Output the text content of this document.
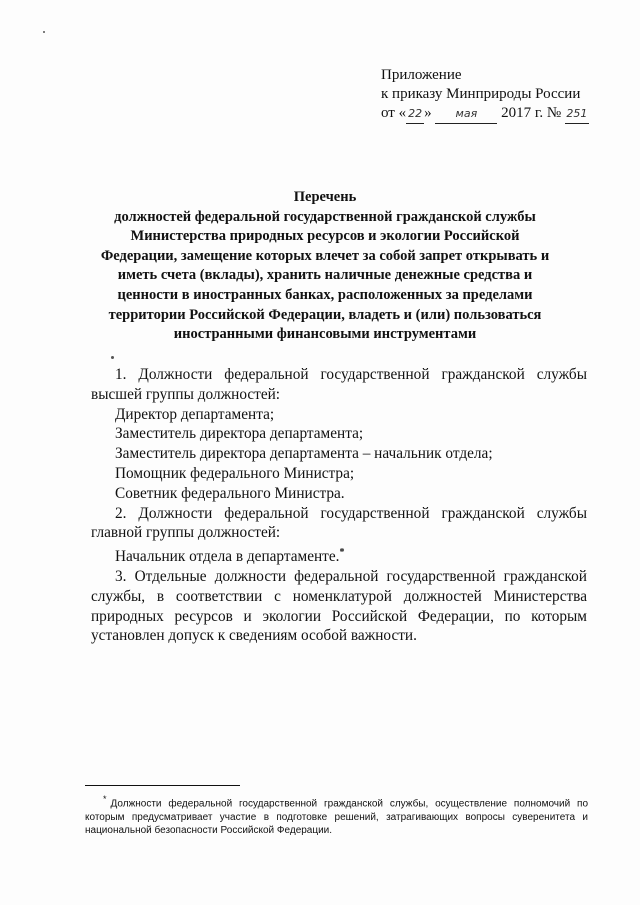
Приложение
к приказу Минприроды России
от « 22 » мая 2017 г. № 251
Перечень
должностей федеральной государственной гражданской службы Министерства природных ресурсов и экологии Российской Федерации, замещение которых влечет за собой запрет открывать и иметь счета (вклады), хранить наличные денежные средства и ценности в иностранных банках, расположенных за пределами территории Российской Федерации, владеть и (или) пользоваться иностранными финансовыми инструментами
1. Должности федеральной государственной гражданской службы
высшей группы должностей:
Директор департамента;
Заместитель директора департамента;
Заместитель директора департамента – начальник отдела;
Помощник федерального Министра;
Советник федерального Министра.
2. Должности федеральной государственной гражданской службы
главной группы должностей:
Начальник отдела в департаменте.*
3. Отдельные должности федеральной государственной гражданской
службы, в соответствии с номенклатурой должностей Министерства
природных ресурсов и экологии Российской Федерации, по которым
установлен допуск к сведениям особой важности.
* Должности федеральной государственной гражданской службы, осуществление полномочий по
которым предусматривает участие в подготовке решений, затрагивающих вопросы суверенитета и
национальной безопасности Российской Федерации.
